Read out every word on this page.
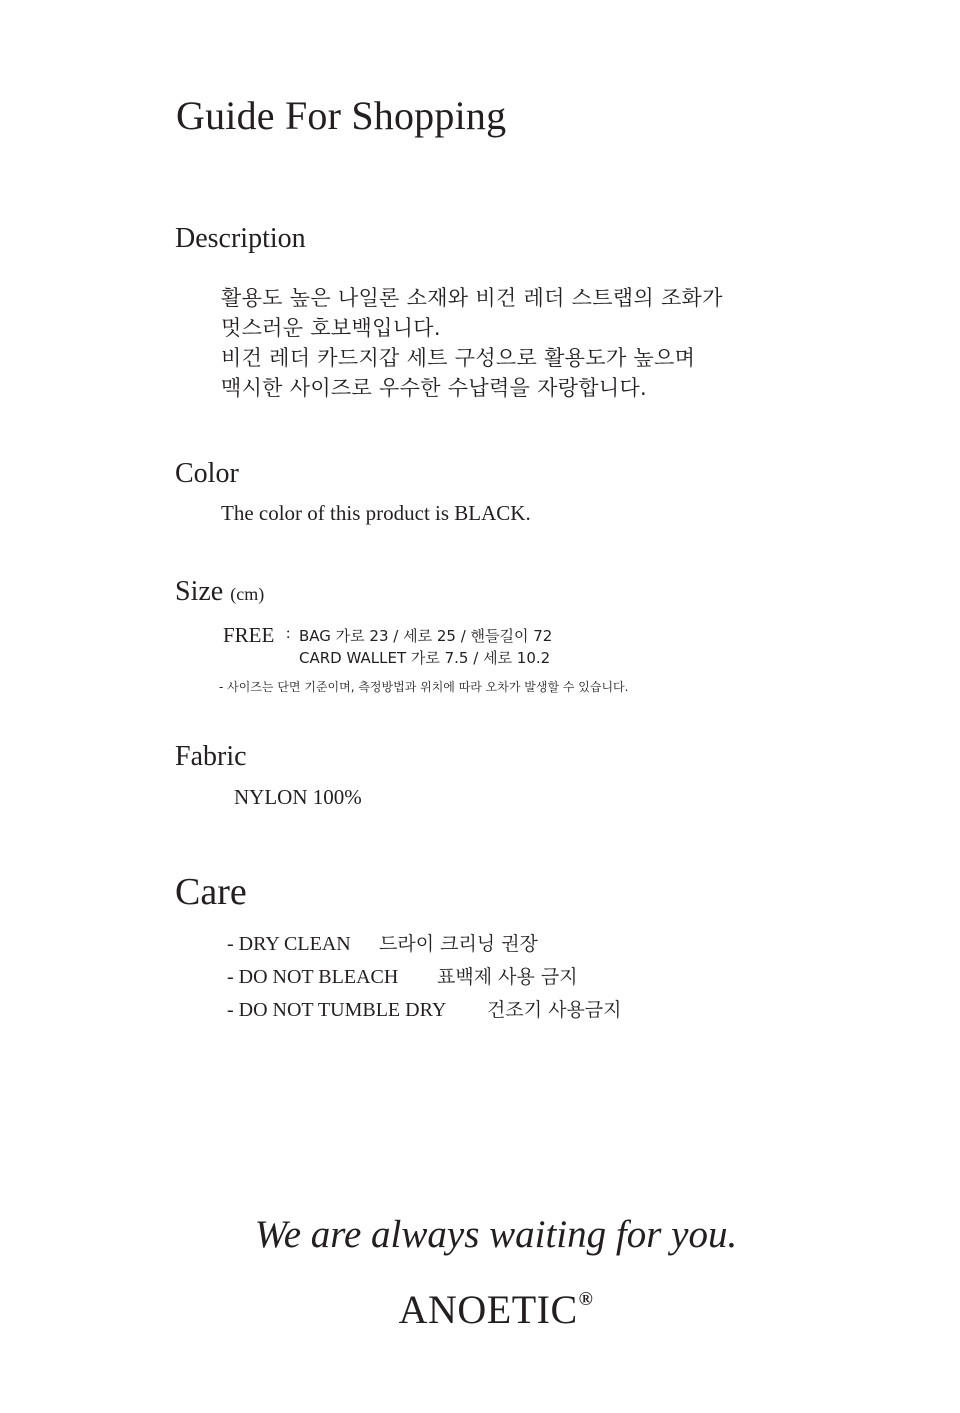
Guide For Shopping
Description
활용도 높은 나일론 소재와 비건 레더 스트랩의 조화가
멋스러운 호보백입니다.
비건 레더 카드지갑 세트 구성으로 활용도가 높으며
맥시한 사이즈로 우수한 수납력을 자랑합니다.
Color
The color of this product is BLACK.
Size (cm)
FREE : BAG 가로 23 / 세로 25 / 핸들길이 72
CARD WALLET 가로 7.5 / 세로 10.2
- 사이즈는 단면 기준이며, 측정방법과 위치에 따라 오차가 발생할 수 있습니다.
Fabric
NYLON 100%
Care
- DRY CLEAN 드라이 크리닝 권장
- DO NOT BLEACH 표백제 사용 금지
- DO NOT TUMBLE DRY 건조기 사용금지
We are always waiting for you.
ANOETIC®
